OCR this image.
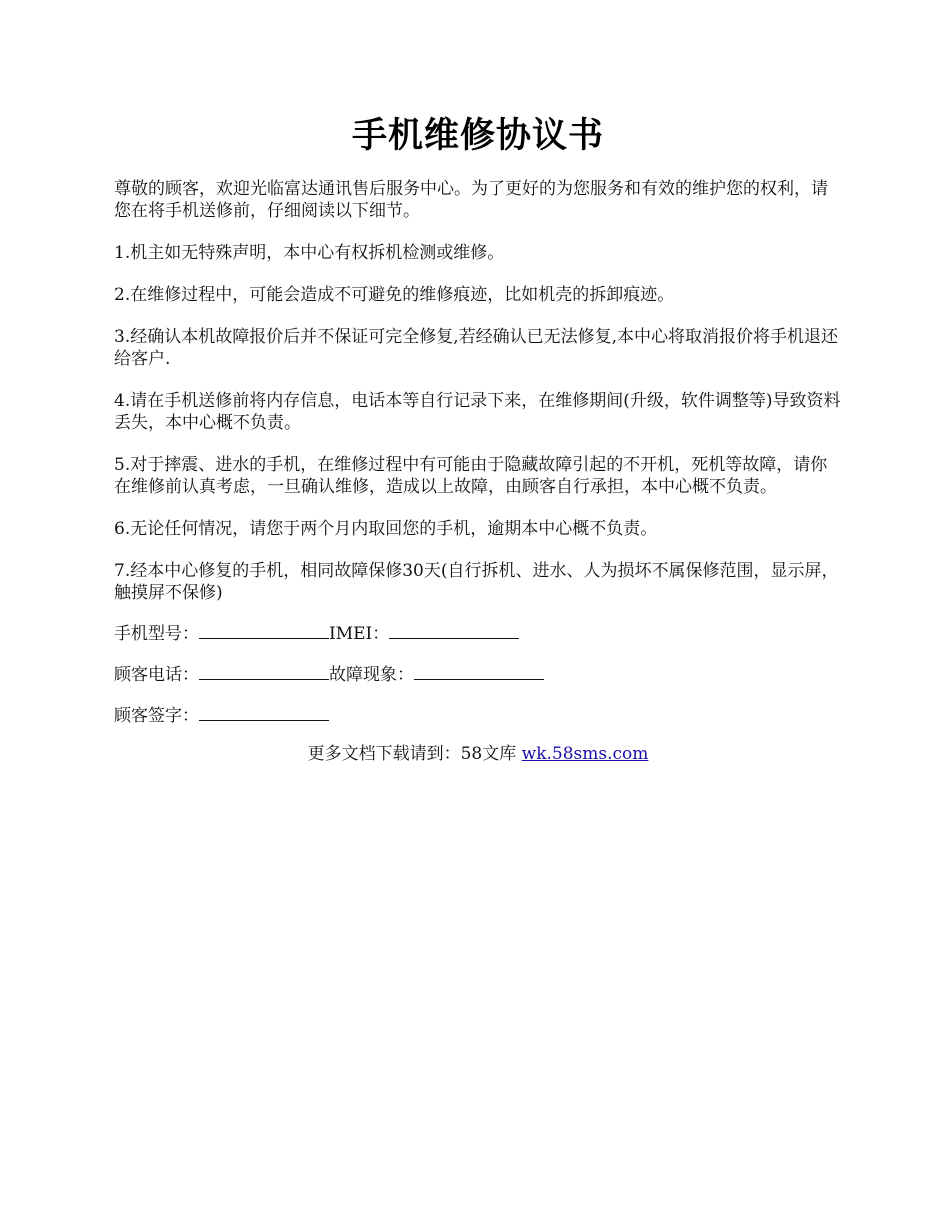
手机维修协议书

尊敬的顾客，欢迎光临富达通讯售后服务中心。为了更好的为您服务和有效的维护您的权利，请您在将手机送修前，仔细阅读以下细节。

1.机主如无特殊声明，本中心有权拆机检测或维修。

2.在维修过程中，可能会造成不可避免的维修痕迹，比如机壳的拆卸痕迹。

3.经确认本机故障报价后并不保证可完全修复,若经确认已无法修复,本中心将取消报价将手机退还给客户.

4.请在手机送修前将内存信息，电话本等自行记录下来，在维修期间(升级，软件调整等)导致资料丢失，本中心概不负责。

5.对于摔震、进水的手机，在维修过程中有可能由于隐藏故障引起的不开机，死机等故障，请你在维修前认真考虑，一旦确认维修，造成以上故障，由顾客自行承担，本中心概不负责。

6.无论任何情况，请您于两个月内取回您的手机，逾期本中心概不负责。

7.经本中心修复的手机，相同故障保修30天(自行拆机、进水、人为损坏不属保修范围，显示屏，触摸屏不保修)

手机型号：	IMEI：
顾客电话：	故障现象：
顾客签字：
更多文档下载请到：58文库 wk.58sms.com
